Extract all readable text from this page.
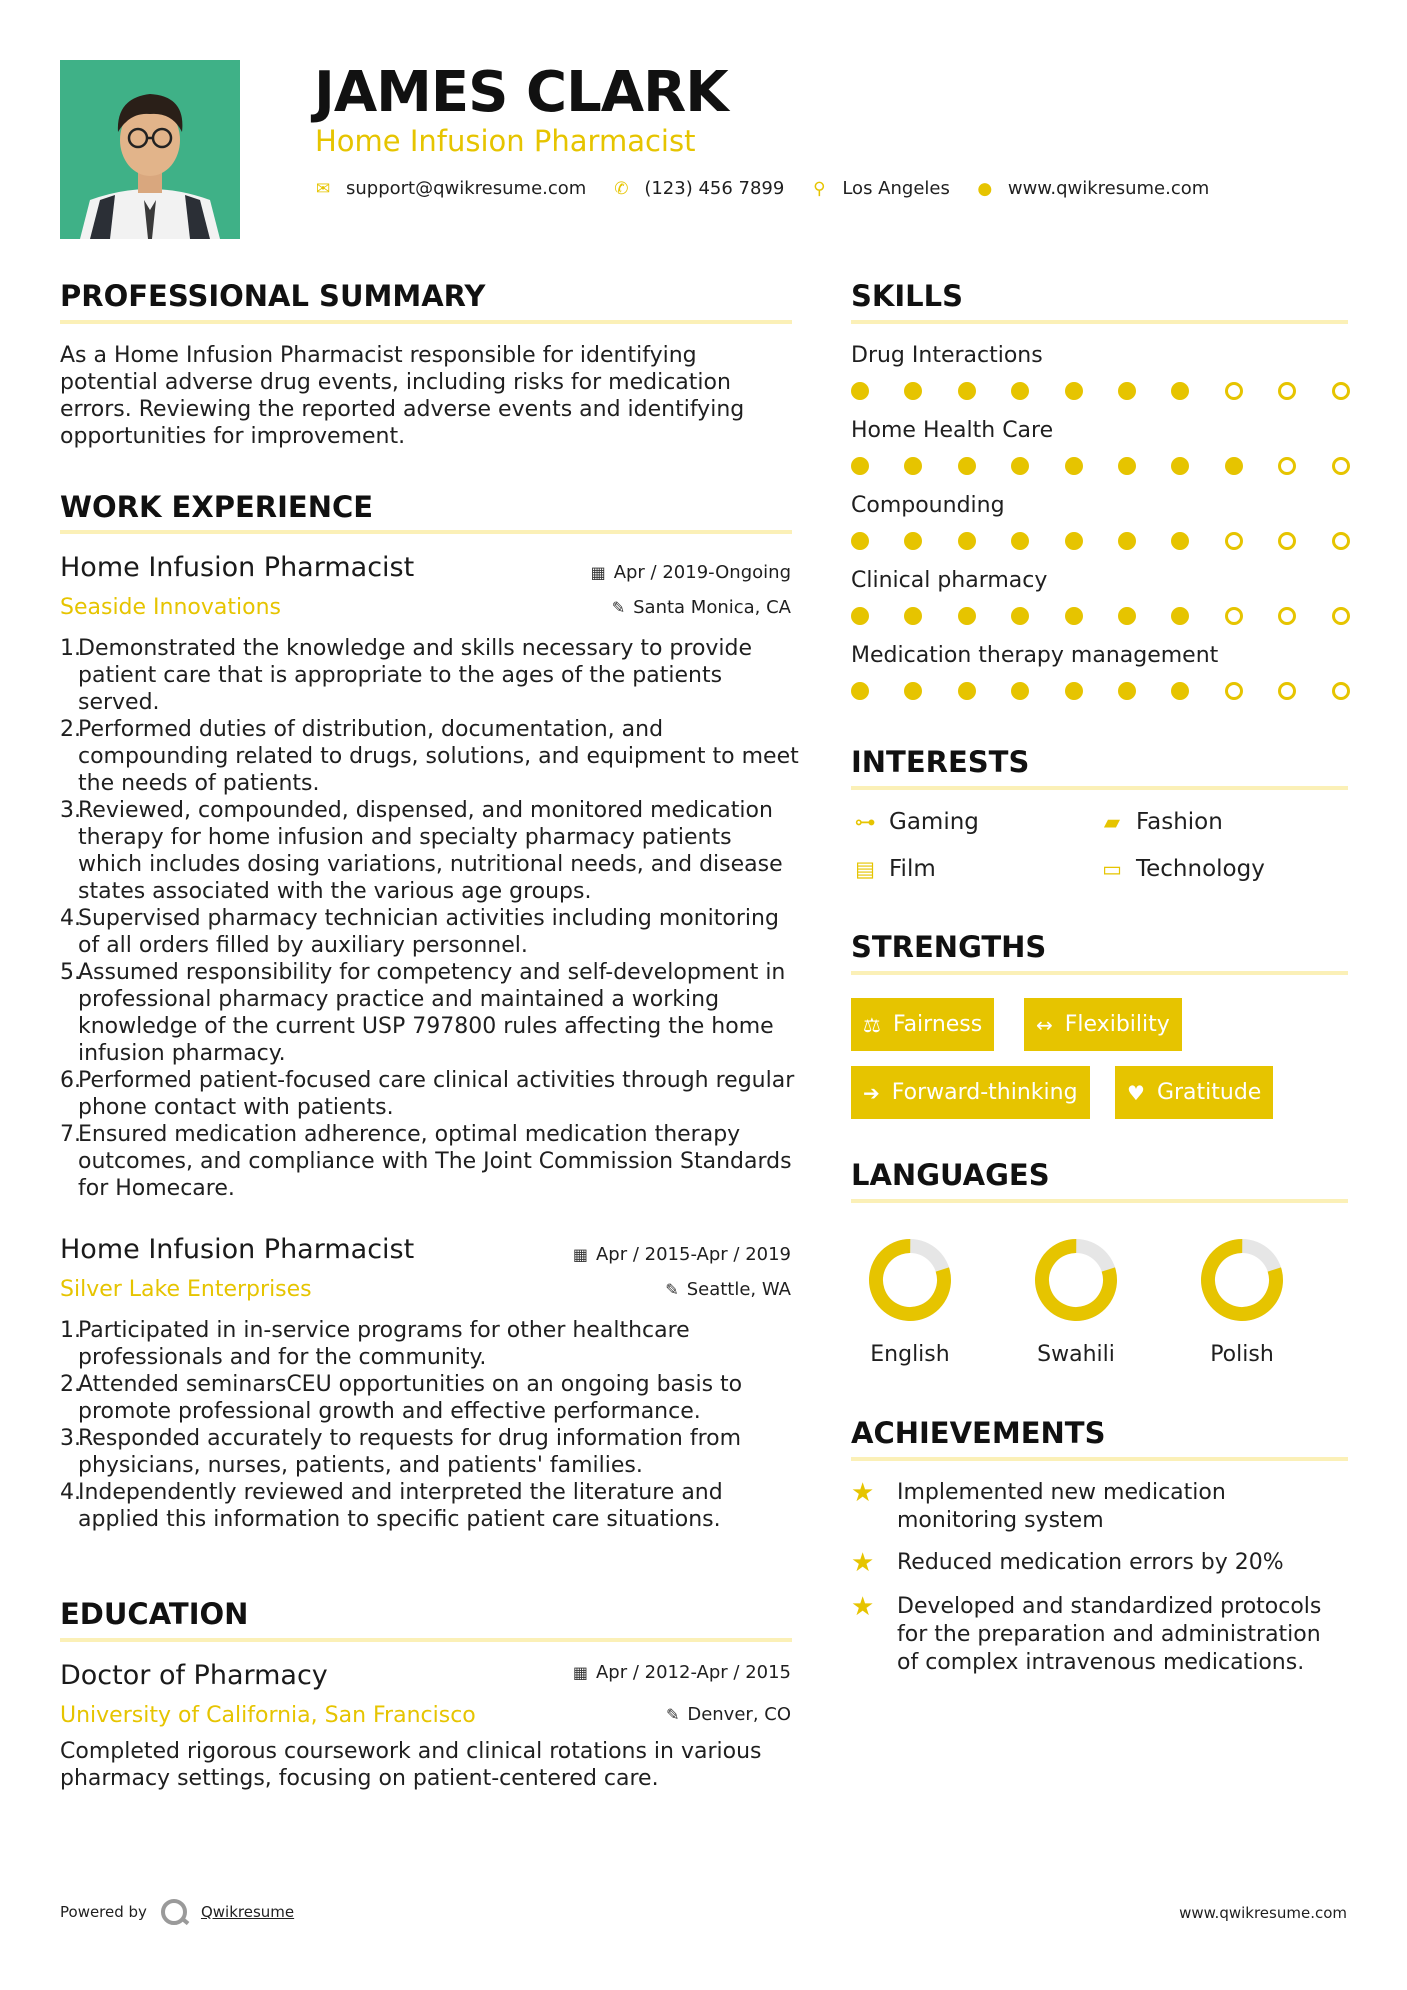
JAMES CLARK
Home Infusion Pharmacist
✉ support@qwikresume.com ✆ (123) 456 7899 ⚲ Los Angeles ● www.qwikresume.com
PROFESSIONAL SUMMARY
As a Home Infusion Pharmacist responsible for identifying potential adverse drug events, including risks for medication errors. Reviewing the reported adverse events and identifying opportunities for improvement.
WORK EXPERIENCE
Home Infusion Pharmacist	▦ Apr / 2019-Ongoing
Seaside Innovations	✎ Santa Monica, CA
Demonstrated the knowledge and skills necessary to provide patient care that is appropriate to the ages of the patients served.
Performed duties of distribution, documentation, and compounding related to drugs, solutions, and equipment to meet the needs of patients.
Reviewed, compounded, dispensed, and monitored medication therapy for home infusion and specialty pharmacy patients which includes dosing variations, nutritional needs, and disease states associated with the various age groups.
Supervised pharmacy technician activities including monitoring of all orders filled by auxiliary personnel.
Assumed responsibility for competency and self-development in professional pharmacy practice and maintained a working knowledge of the current USP 797800 rules affecting the home infusion pharmacy.
Performed patient-focused care clinical activities through regular phone contact with patients.
Ensured medication adherence, optimal medication therapy outcomes, and compliance with The Joint Commission Standards for Homecare.
Home Infusion Pharmacist	▦ Apr / 2015-Apr / 2019
Silver Lake Enterprises	✎ Seattle, WA
Participated in in-service programs for other healthcare professionals and for the community.
Attended seminarsCEU opportunities on an ongoing basis to promote professional growth and effective performance.
Responded accurately to requests for drug information from physicians, nurses, patients, and patients' families.
Independently reviewed and interpreted the literature and applied this information to specific patient care situations.
EDUCATION
Doctor of Pharmacy	▦ Apr / 2012-Apr / 2015
University of California, San Francisco	✎ Denver, CO
Completed rigorous coursework and clinical rotations in various pharmacy settings, focusing on patient-centered care.
SKILLS
Drug Interactions
Home Health Care
Compounding
Clinical pharmacy
Medication therapy management
INTERESTS
⊶ Gaming	▰ Fashion
▤ Film	▭ Technology
STRENGTHS
⚖ Fairness	↔ Flexibility
➔ Forward-thinking ♥ Gratitude
LANGUAGES
English	Swahili	Polish
ACHIEVEMENTS
★	Implemented new medication monitoring system
★	Reduced medication errors by 20%
★	Developed and standardized protocols for the preparation and administration of complex intravenous medications.
Powered by	Qwikresume	www.qwikresume.com
